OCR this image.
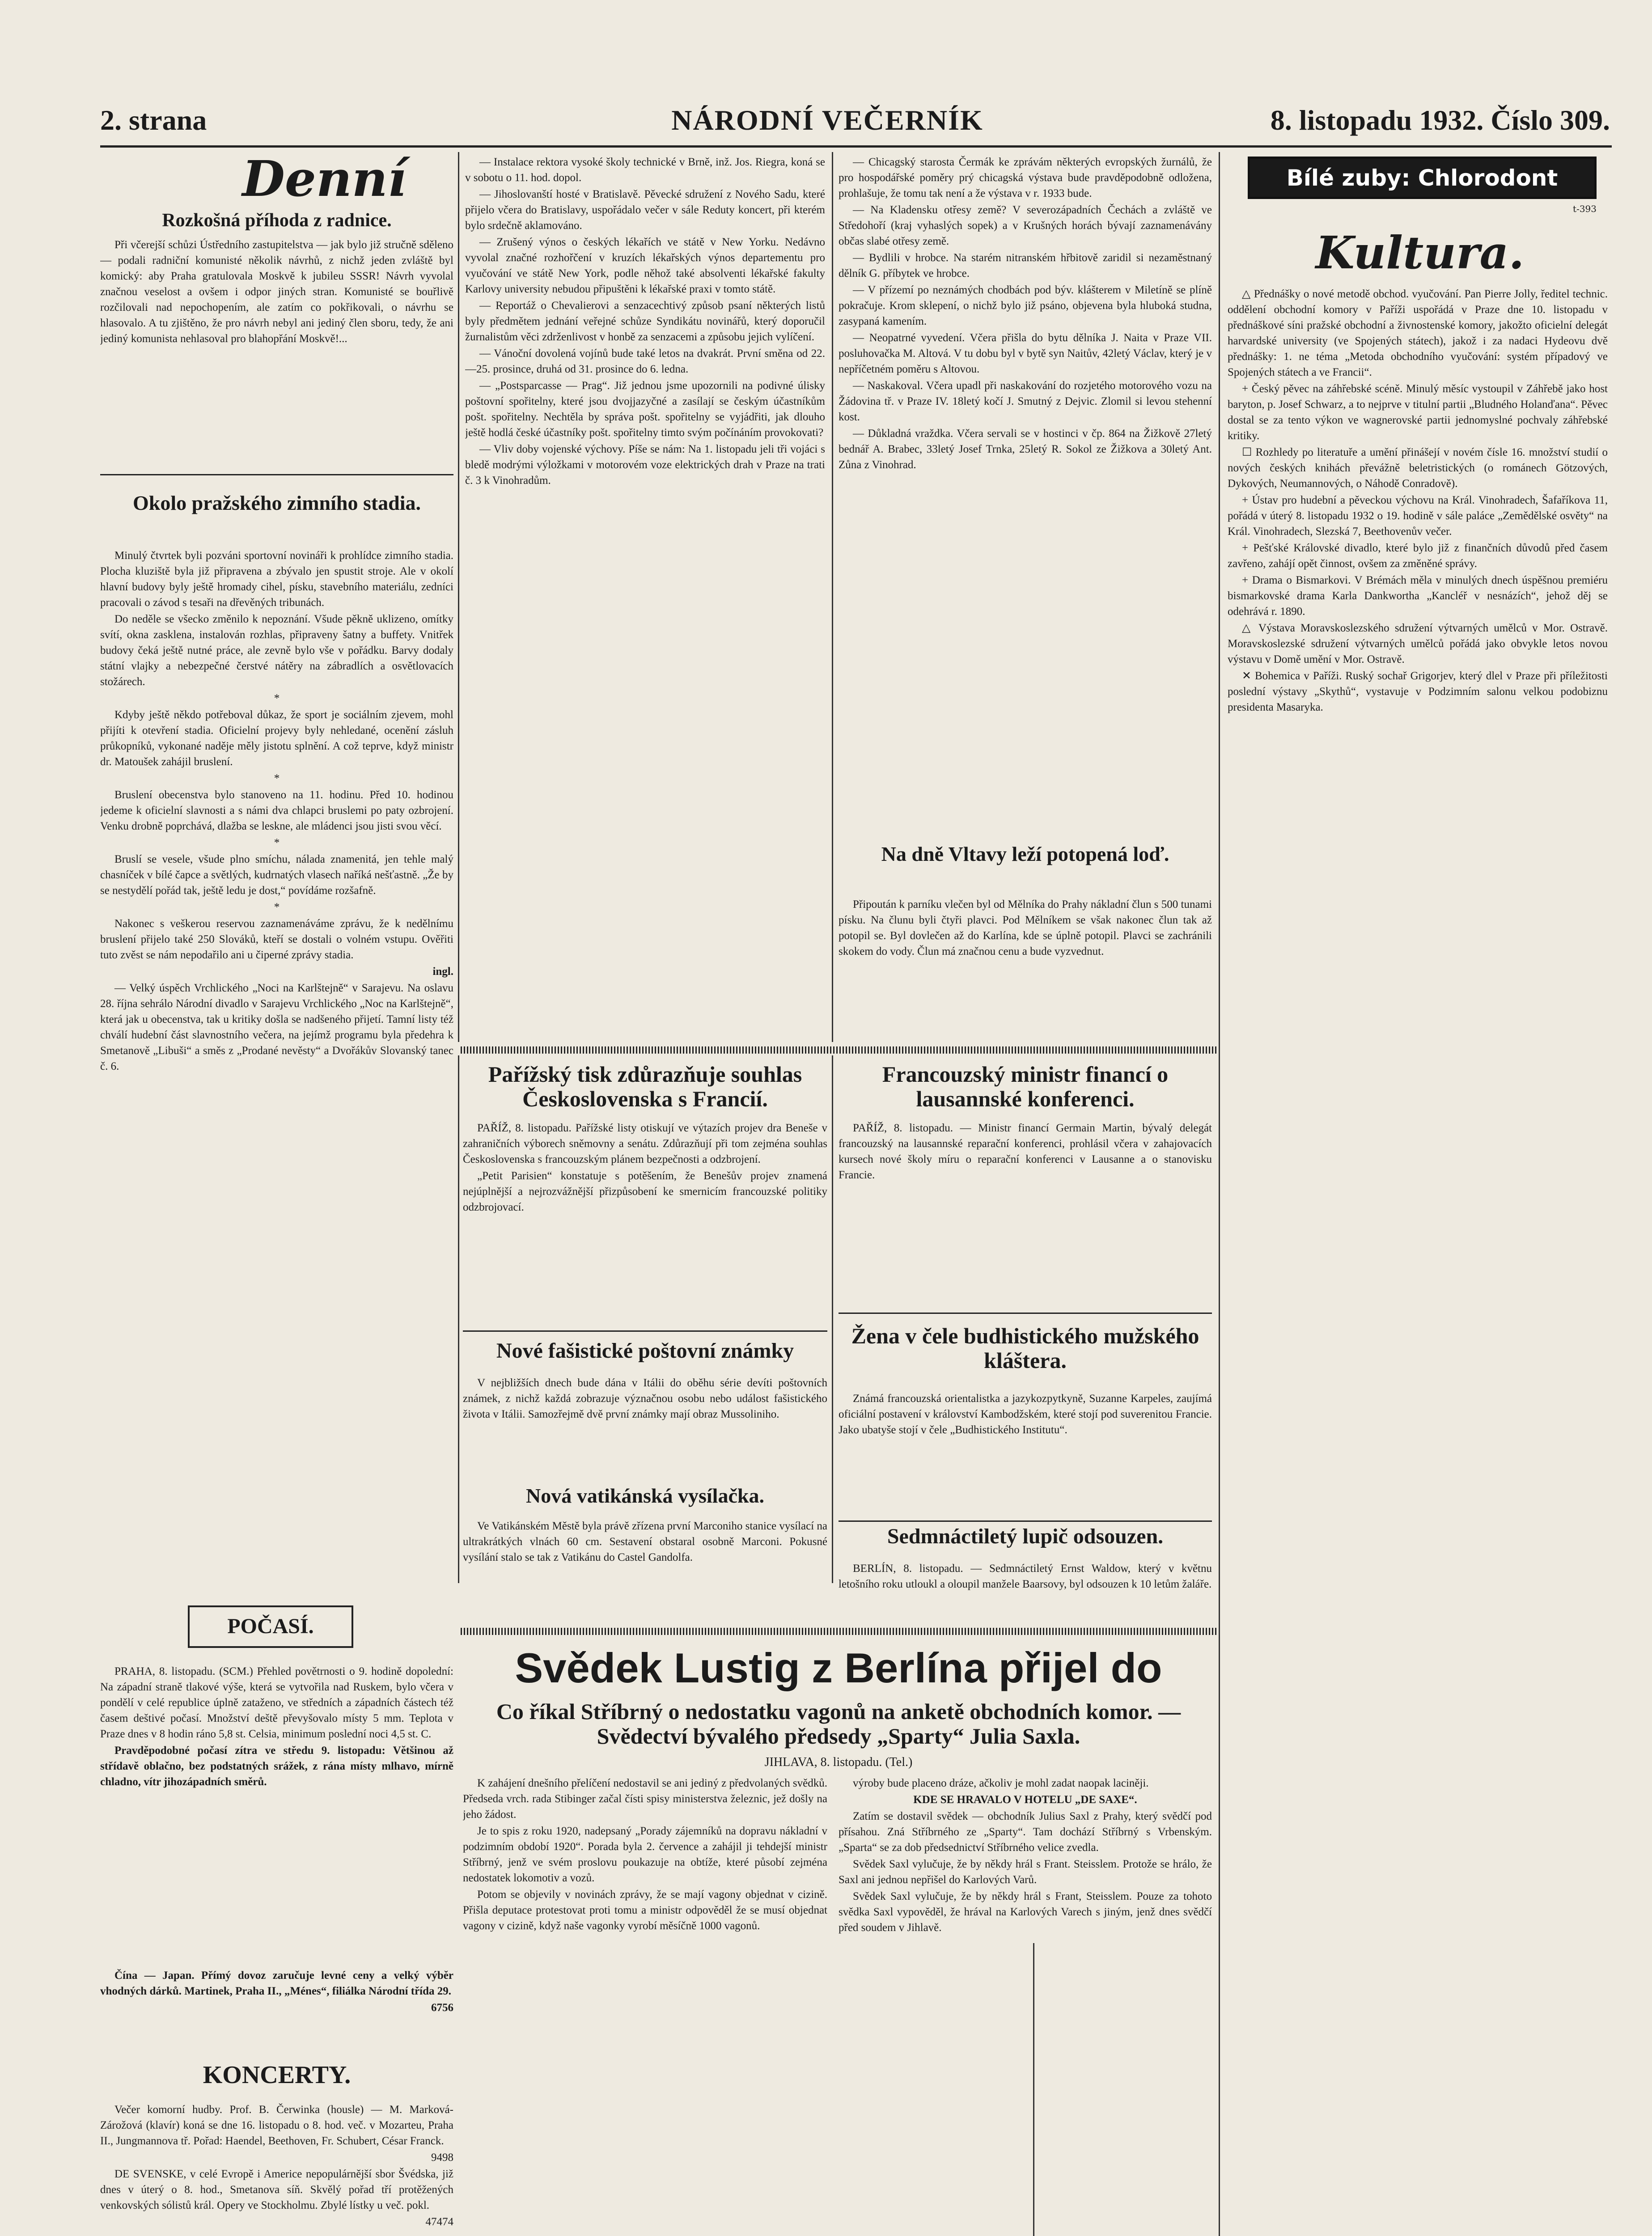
2. strana	NÁRODNÍ VEČERNÍK	8. listopadu 1932. Číslo 309.
Denní
Rozkošná příhoda z radnice.

Při včerejší schůzi Ústředního zastupitelstva — jak bylo již stručně sděleno — podali radniční komunisté několik návrhů, z nichž jeden zvláště byl komický: aby Praha gratulovala Moskvě k jubileu SSSR! Návrh vyvolal značnou veselost a ovšem i odpor jiných stran. Komunisté se bouřlivě rozčilovali nad nepochopením, ale zatím co pokřikovali, o návrhu se hlasovalo. A tu zjištěno, že pro návrh nebyl ani jediný člen sboru, tedy, že ani jediný komunista nehlasoval pro blahopřání Moskvě!...

Okolo pražského zimního stadia.

Minulý čtvrtek byli pozváni sportovní novináři k prohlídce zimního stadia. Plocha kluziště byla již připravena a zbývalo jen spustit stroje. Ale v okolí hlavní budovy byly ještě hromady cihel, písku, stavebního materiálu, zedníci pracovali o závod s tesaři na dřevěných tribunách.

Do neděle se všecko změnilo k nepoznání. Všude pěkně uklizeno, omítky svítí, okna zasklena, instalován rozhlas, připraveny šatny a buffety. Vnitřek budovy čeká ještě nutné práce, ale zevně bylo vše v pořádku. Barvy dodaly státní vlajky a nebezpečné čerstvé nátěry na zábradlích a osvětlovacích stožárech.

*

Kdyby ještě někdo potřeboval důkaz, že sport je sociálním zjevem, mohl přijíti k otevření stadia. Oficielní projevy byly nehledané, ocenění zásluh průkopníků, vykonané naděje měly jistotu splnění. A což teprve, když ministr dr. Matoušek zahájil bruslení.

*

Bruslení obecenstva bylo stanoveno na 11. hodinu. Před 10. hodinou jedeme k oficielní slavnosti a s námi dva chlapci bruslemi po paty ozbrojení. Venku drobně poprchává, dlažba se leskne, ale mládenci jsou jisti svou věcí.

*

Bruslí se vesele, všude plno smíchu, nálada znamenitá, jen tehle malý chasníček v bílé čapce a světlých, kudrnatých vlasech naříká nešťastně. „Že by se nestydělí pořád tak, ještě ledu je dost,“ povídáme rozšafně.

*

Nakonec s veškerou reservou zaznamenáváme zprávu, že k nedělnímu bruslení přijelo také 250 Slováků, kteří se dostali o volném vstupu. Ověřiti tuto zvěst se nám nepodařilo ani u čiperné zprávy stadia.

ingl.

— Velký úspěch Vrchlického „Noci na Karlštejně“ v Sarajevu. Na oslavu 28. října sehrálo Národní divadlo v Sarajevu Vrchlického „Noc na Karlštejně“, která jak u obecenstva, tak u kritiky došla se nadšeného přijetí. Tamní listy též chválí hudební část slavnostního večera, na jejímž programu byla předehra k Smetanově „Libuši“ a směs z „Prodané nevěsty“ a Dvořákův Slovanský tanec č. 6.

POČASÍ.

PRAHA, 8. listopadu. (SCM.) Přehled povětrnosti o 9. hodině dopolední: Na západní straně tlakové výše, která se vytvořila nad Ruskem, bylo včera v pondělí v celé republice úplně zataženo, ve středních a západních částech též časem deštivé počasí. Množství deště převyšovalo místy 5 mm. Teplota v Praze dnes v 8 hodin ráno 5,8 st. Celsia, minimum poslední noci 4,5 st. C.

Pravděpodobné počasí zítra ve středu 9. listopadu: Většinou až střídavě oblačno, bez podstatných srážek, z rána místy mlhavo, mírně chladno, vítr jihozápadních směrů.

Čína — Japan. Přímý dovoz zaručuje levné ceny a velký výběr vhodných dárků. Martinek, Praha II., „Ménes“, filiálka Národní třída 29.

6756

KONCERTY.

Večer komorní hudby. Prof. B. Čerwinka (housle) — M. Marková-Zárožová (klavír) koná se dne 16. listopadu o 8. hod. več. v Mozarteu, Praha II., Jungmannova tř. Pořad: Haendel, Beethoven, Fr. Schubert, César Franck.

9498

DE SVENSKE, v celé Evropě i Americe nepopulárnější sbor Švédska, již dnes v úterý o 8. hod., Smetanova síň. Skvělý pořad tří protěžených venkovských sólistů král. Opery ve Stockholmu. Zbylé lístky u več. pokl.

47474

— Instalace rektora vysoké školy technické v Brně, inž. Jos. Riegra, koná se v sobotu o 11. hod. dopol.

— Jihoslovanští hosté v Bratislavě. Pěvecké sdružení z Nového Sadu, které přijelo včera do Bratislavy, uspořádalo večer v sále Reduty koncert, při kterém bylo srdečně aklamováno.

— Zrušený výnos o českých lékařích ve státě v New Yorku. Nedávno vyvolal značné rozhořčení v kruzích lékařských výnos departementu pro vyučování ve státě New York, podle něhož také absolventi lékařské fakulty Karlovy university nebudou připuštěni k lékařské praxi v tomto státě.

— Reportáž o Chevalierovi a senzacechtivý způsob psaní některých listů byly předmětem jednání veřejné schůze Syndikátu novinářů, který doporučil žurnalistům věci zdrženlivost v honbě za senzacemi a způsobu jejich vylíčení.

— Vánoční dovolená vojínů bude také letos na dvakrát. První směna od 22.—25. prosince, druhá od 31. prosince do 6. ledna.

— „Postsparcasse — Prag“. Již jednou jsme upozornili na podivné úlisky poštovní spořitelny, které jsou dvojjazyčné a zasílají se českým účastníkům pošt. spořitelny. Nechtěla by správa pošt. spořitelny se vyjádřiti, jak dlouho ještě hodlá české účastníky pošt. spořitelny timto svým počínáním provokovati?

— Vliv doby vojenské výchovy. Píše se nám: Na 1. listopadu jeli tři vojáci s bledě modrými výložkami v motorovém voze elektrických drah v Praze na trati č. 3 k Vinohradům.

— Chicagský starosta Čermák ke zprávám některých evropských žurnálů, že pro hospodářské poměry prý chicagská výstava bude pravděpodobně odložena, prohlašuje, že tomu tak není a že výstava v r. 1933 bude.

— Na Kladensku otřesy země? V severozápadních Čechách a zvláště ve Středohoří (kraj vyhaslých sopek) a v Krušných horách bývají zaznamenávány občas slabé otřesy země.

— Bydlili v hrobce. Na starém nitranském hřbitově zaridil si nezaměstnaný dělník G. příbytek ve hrobce.

— V přízemí po neznámých chodbách pod býv. klášterem v Miletíně se plíně pokračuje. Krom sklepení, o nichž bylo již psáno, objevena byla hluboká studna, zasypaná kamením.

— Neopatrné vyvedení. Včera přišla do bytu dělníka J. Naita v Praze VII. posluhovačka M. Altová. V tu dobu byl v bytě syn Naitův, 42letý Václav, který je v nepříčetném poměru s Altovou.

— Naskakoval. Včera upadl při naskakování do rozjetého motorového vozu na Žádovina tř. v Praze IV. 18letý kočí J. Smutný z Dejvic. Zlomil si levou stehenní kost.

— Důkladná vraždka. Včera servali se v hostinci v čp. 864 na Žižkově 27letý bednář A. Brabec, 33letý Josef Trnka, 25letý R. Sokol ze Žižkova a 30letý Ant. Zůna z Vinohrad.

Na dně Vltavy leží potopená loď.

Připoután k parníku vlečen byl od Mělníka do Prahy nákladní člun s 500 tunami písku. Na člunu byli čtyři plavci. Pod Mělníkem se však nakonec člun tak až potopil se. Byl dovlečen až do Karlína, kde se úplně potopil. Plavci se zachránili skokem do vody. Člun má značnou cenu a bude vyzvednut.

Pařížský tisk zdůrazňuje souhlas Československa s Francií.

PAŘÍŽ, 8. listopadu. Pařížské listy otiskují ve výtazích projev dra Beneše v zahraničních výborech sněmovny a senátu. Zdůrazňují při tom zejména souhlas Československa s francouzským plánem bezpečnosti a odzbrojení.

„Petit Parisien“ konstatuje s potěšením, že Benešův projev znamená nejúplnější a nejrozvážnější přizpůsobení ke smernicím francouzské politiky odzbrojovací.

Nové fašistické poštovní známky

V nejbližších dnech bude dána v Itálii do oběhu série devíti poštovních známek, z nichž každá zobrazuje význačnou osobu nebo událost fašistického života v Itálii. Samozřejmě dvě první známky mají obraz Mussoliniho.

Nová vatikánská vysílačka.

Ve Vatikánském Městě byla právě zřízena první Marconiho stanice vysílací na ultrakrátkých vlnách 60 cm. Sestavení obstaral osobně Marconi. Pokusné vysílání stalo se tak z Vatikánu do Castel Gandolfa.

Francouzský ministr financí o lausannské konferenci.

PAŘÍŽ, 8. listopadu. — Ministr financí Germain Martin, bývalý delegát francouzský na lausannské reparační konferenci, prohlásil včera v zahajovacích kursech nové školy míru o reparační konferenci v Lausanne a o stanovisku Francie.

Žena v čele budhistického mužského kláštera.

Známá francouzská orientalistka a jazykozpytkyně, Suzanne Karpeles, zaujímá oficiální postavení v království Kambodžském, které stojí pod suverenitou Francie. Jako ubatyše stojí v čele „Budhistického Institutu“.

Sedmnáctiletý lupič odsouzen.

BERLÍN, 8. listopadu. — Sedmnáctiletý Ernst Waldow, který v květnu letošního roku utloukl a oloupil manžele Baarsovy, byl odsouzen k 10 letům žaláře.

Svědek Lustig z Berlína přijel do
Co říkal Stříbrný o nedostatku vagonů na anketě obchodních komor. — Svědectví bývalého předsedy „Sparty“ Julia Saxla.
JIHLAVA, 8. listopadu. (Tel.)

K zahájení dnešního přelíčení nedostavil se ani jediný z předvolaných svědků. Předseda vrch. rada Stibinger začal čísti spisy ministerstva železnic, jež došly na jeho žádost.

Je to spis z roku 1920, nadepsaný „Porady zájemníků na dopravu nákladní v podzimním období 1920“. Porada byla 2. července a zahájil ji tehdejší ministr Stříbrný, jenž ve svém proslovu poukazuje na obtíže, které působí zejména nedostatek lokomotiv a vozů.

Potom se objevily v novinách zprávy, že se mají vagony objednat v cizině. Přišla deputace protestovat proti tomu a ministr odpověděl že se musí objednat vagony v cizině, když naše vagonky vyrobí měsíčně 1000 vagonů.

výroby bude placeno dráze, ačkoliv je mohl zadat naopak laciněji.

KDE SE HRAVALO V HOTELU „DE SAXE“.

Zatím se dostavil svědek — obchodník Julius Saxl z Prahy, který svědčí pod přísahou. Zná Stříbrného ze „Sparty“. Tam dochází Stříbrný s Vrbenským. „Sparta“ se za dob předsednictví Stříbrného velice zvedla.

Svědek Saxl vylučuje, že by někdy hrál s Frant. Steisslem. Protože se hrálo, že Saxl ani jednou nepřišel do Karlových Varů.

Svědek Saxl vylučuje, že by někdy hrál s Frant, Steisslem. Pouze za tohoto svědka Saxl vypověděl, že hrával na Karlových Varech s jiným, jenž dnes svědčí před soudem v Jihlavě.

Bílé zuby: Chlorodont
t-393
Kultura.

△ Přednášky o nové metodě obchod. vyučování. Pan Pierre Jolly, ředitel technic. oddělení obchodní komory v Paříži uspořádá v Praze dne 10. listopadu v přednáškové síni pražské obchodní a živnostenské komory, jakožto oficielní delegát harvardské university (ve Spojených státech), jakož i za nadaci Hydeovu dvě přednášky: 1. ne téma „Metoda obchodního vyučování: systém případový ve Spojených státech a ve Francii“.

+ Český pěvec na záhřebské scéně. Minulý měsíc vystoupil v Záhřebě jako host baryton, p. Josef Schwarz, a to nejprve v titulní partii „Bludného Holanďana“. Pěvec dostal se za tento výkon ve wagnerovské partii jednomyslné pochvaly záhřebské kritiky.

☐ Rozhledy po literatuře a umění přinášejí v novém čísle 16. množství studií o nových českých knihách převážně beletristických (o románech Götzových, Dykových, Neumannových, o Náhodě Conradově).

+ Ústav pro hudební a pěveckou výchovu na Král. Vinohradech, Šafaříkova 11, pořádá v úterý 8. listopadu 1932 o 19. hodině v sále paláce „Zemědělské osvěty“ na Král. Vinohradech, Slezská 7, Beethovenův večer.

+ Pešťské Královské divadlo, které bylo již z finančních důvodů před časem zavřeno, zahájí opět činnost, ovšem za změněné správy.

+ Drama o Bismarkovi. V Brémách měla v minulých dnech úspěšnou premiéru bismarkovské drama Karla Dankwortha „Kancléř v nesnázích“, jehož děj se odehrává r. 1890.

△ Výstava Moravskoslezského sdružení výtvarných umělců v Mor. Ostravě. Moravskoslezské sdružení výtvarných umělců pořádá jako obvykle letos novou výstavu v Domě umění v Mor. Ostravě.

✕ Bohemica v Paříži. Ruský sochař Grigorjev, který dlel v Praze při příležitosti poslední výstavy „Skythů“, vystavuje v Podzimním salonu velkou podobiznu presidenta Masaryka.
